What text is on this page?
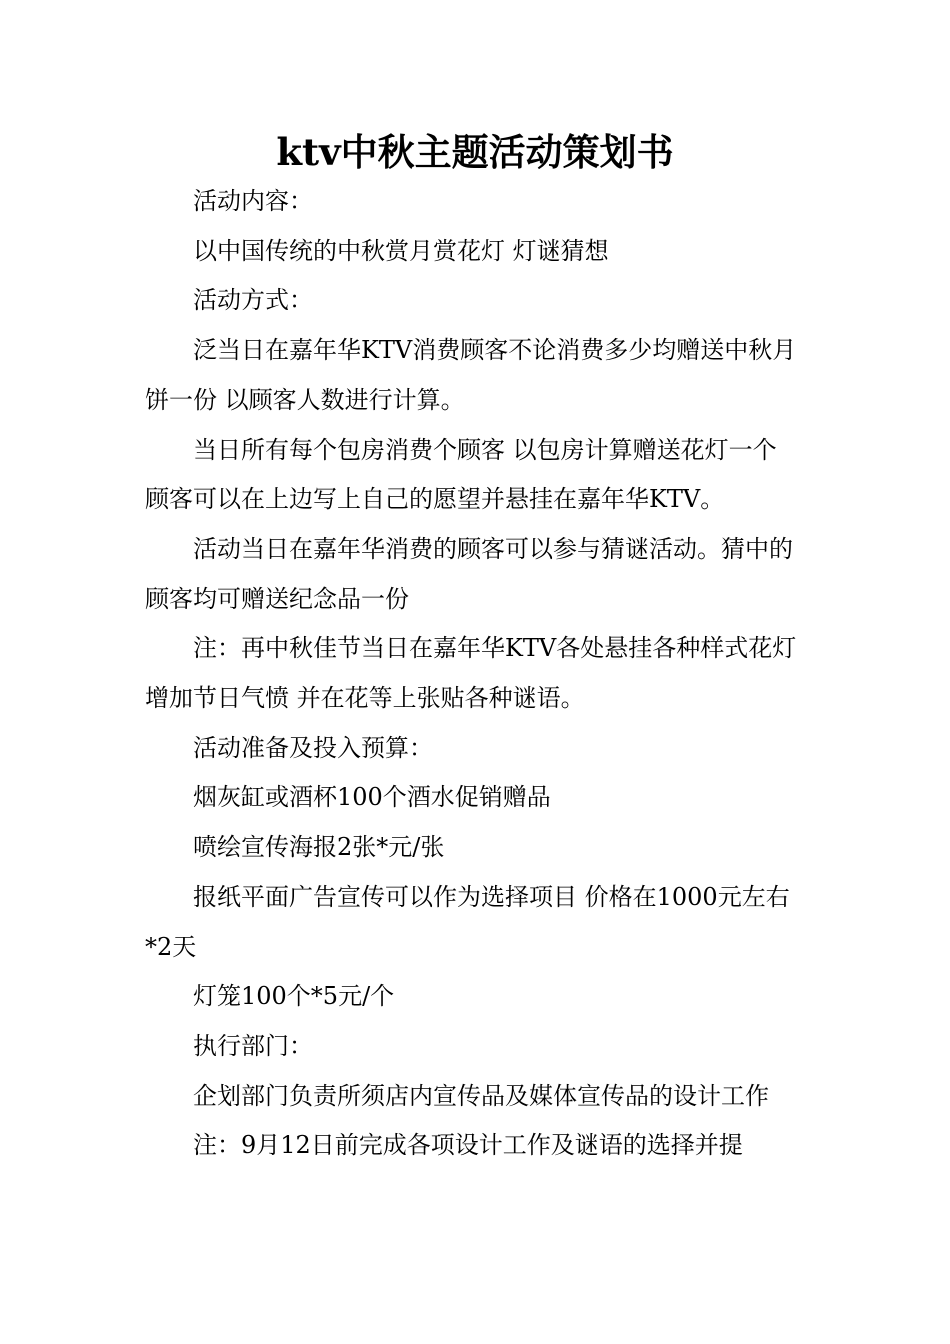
ktv中秋主题活动策划书

活动内容：

以中国传统的中秋赏月赏花灯 灯谜猜想

活动方式：

泛当日在嘉年华KTV消费顾客不论消费多少均赠送中秋月饼一份 以顾客人数进行计算。

当日所有每个包房消费个顾客 以包房计算赠送花灯一个 顾客可以在上边写上自己的愿望并悬挂在嘉年华KTV。

活动当日在嘉年华消费的顾客可以参与猜谜活动。猜中的顾客均可赠送纪念品一份

注：再中秋佳节当日在嘉年华KTV各处悬挂各种样式花灯增加节日气愤 并在花等上张贴各种谜语。

活动准备及投入预算：

烟灰缸或酒杯100个酒水促销赠品

喷绘宣传海报2张*元/张

报纸平面广告宣传可以作为选择项目 价格在1000元左右*2天

灯笼100个*5元/个

执行部门：

企划部门负责所须店内宣传品及媒体宣传品的设计工作

注：9月12日前完成各项设计工作及谜语的选择并提
